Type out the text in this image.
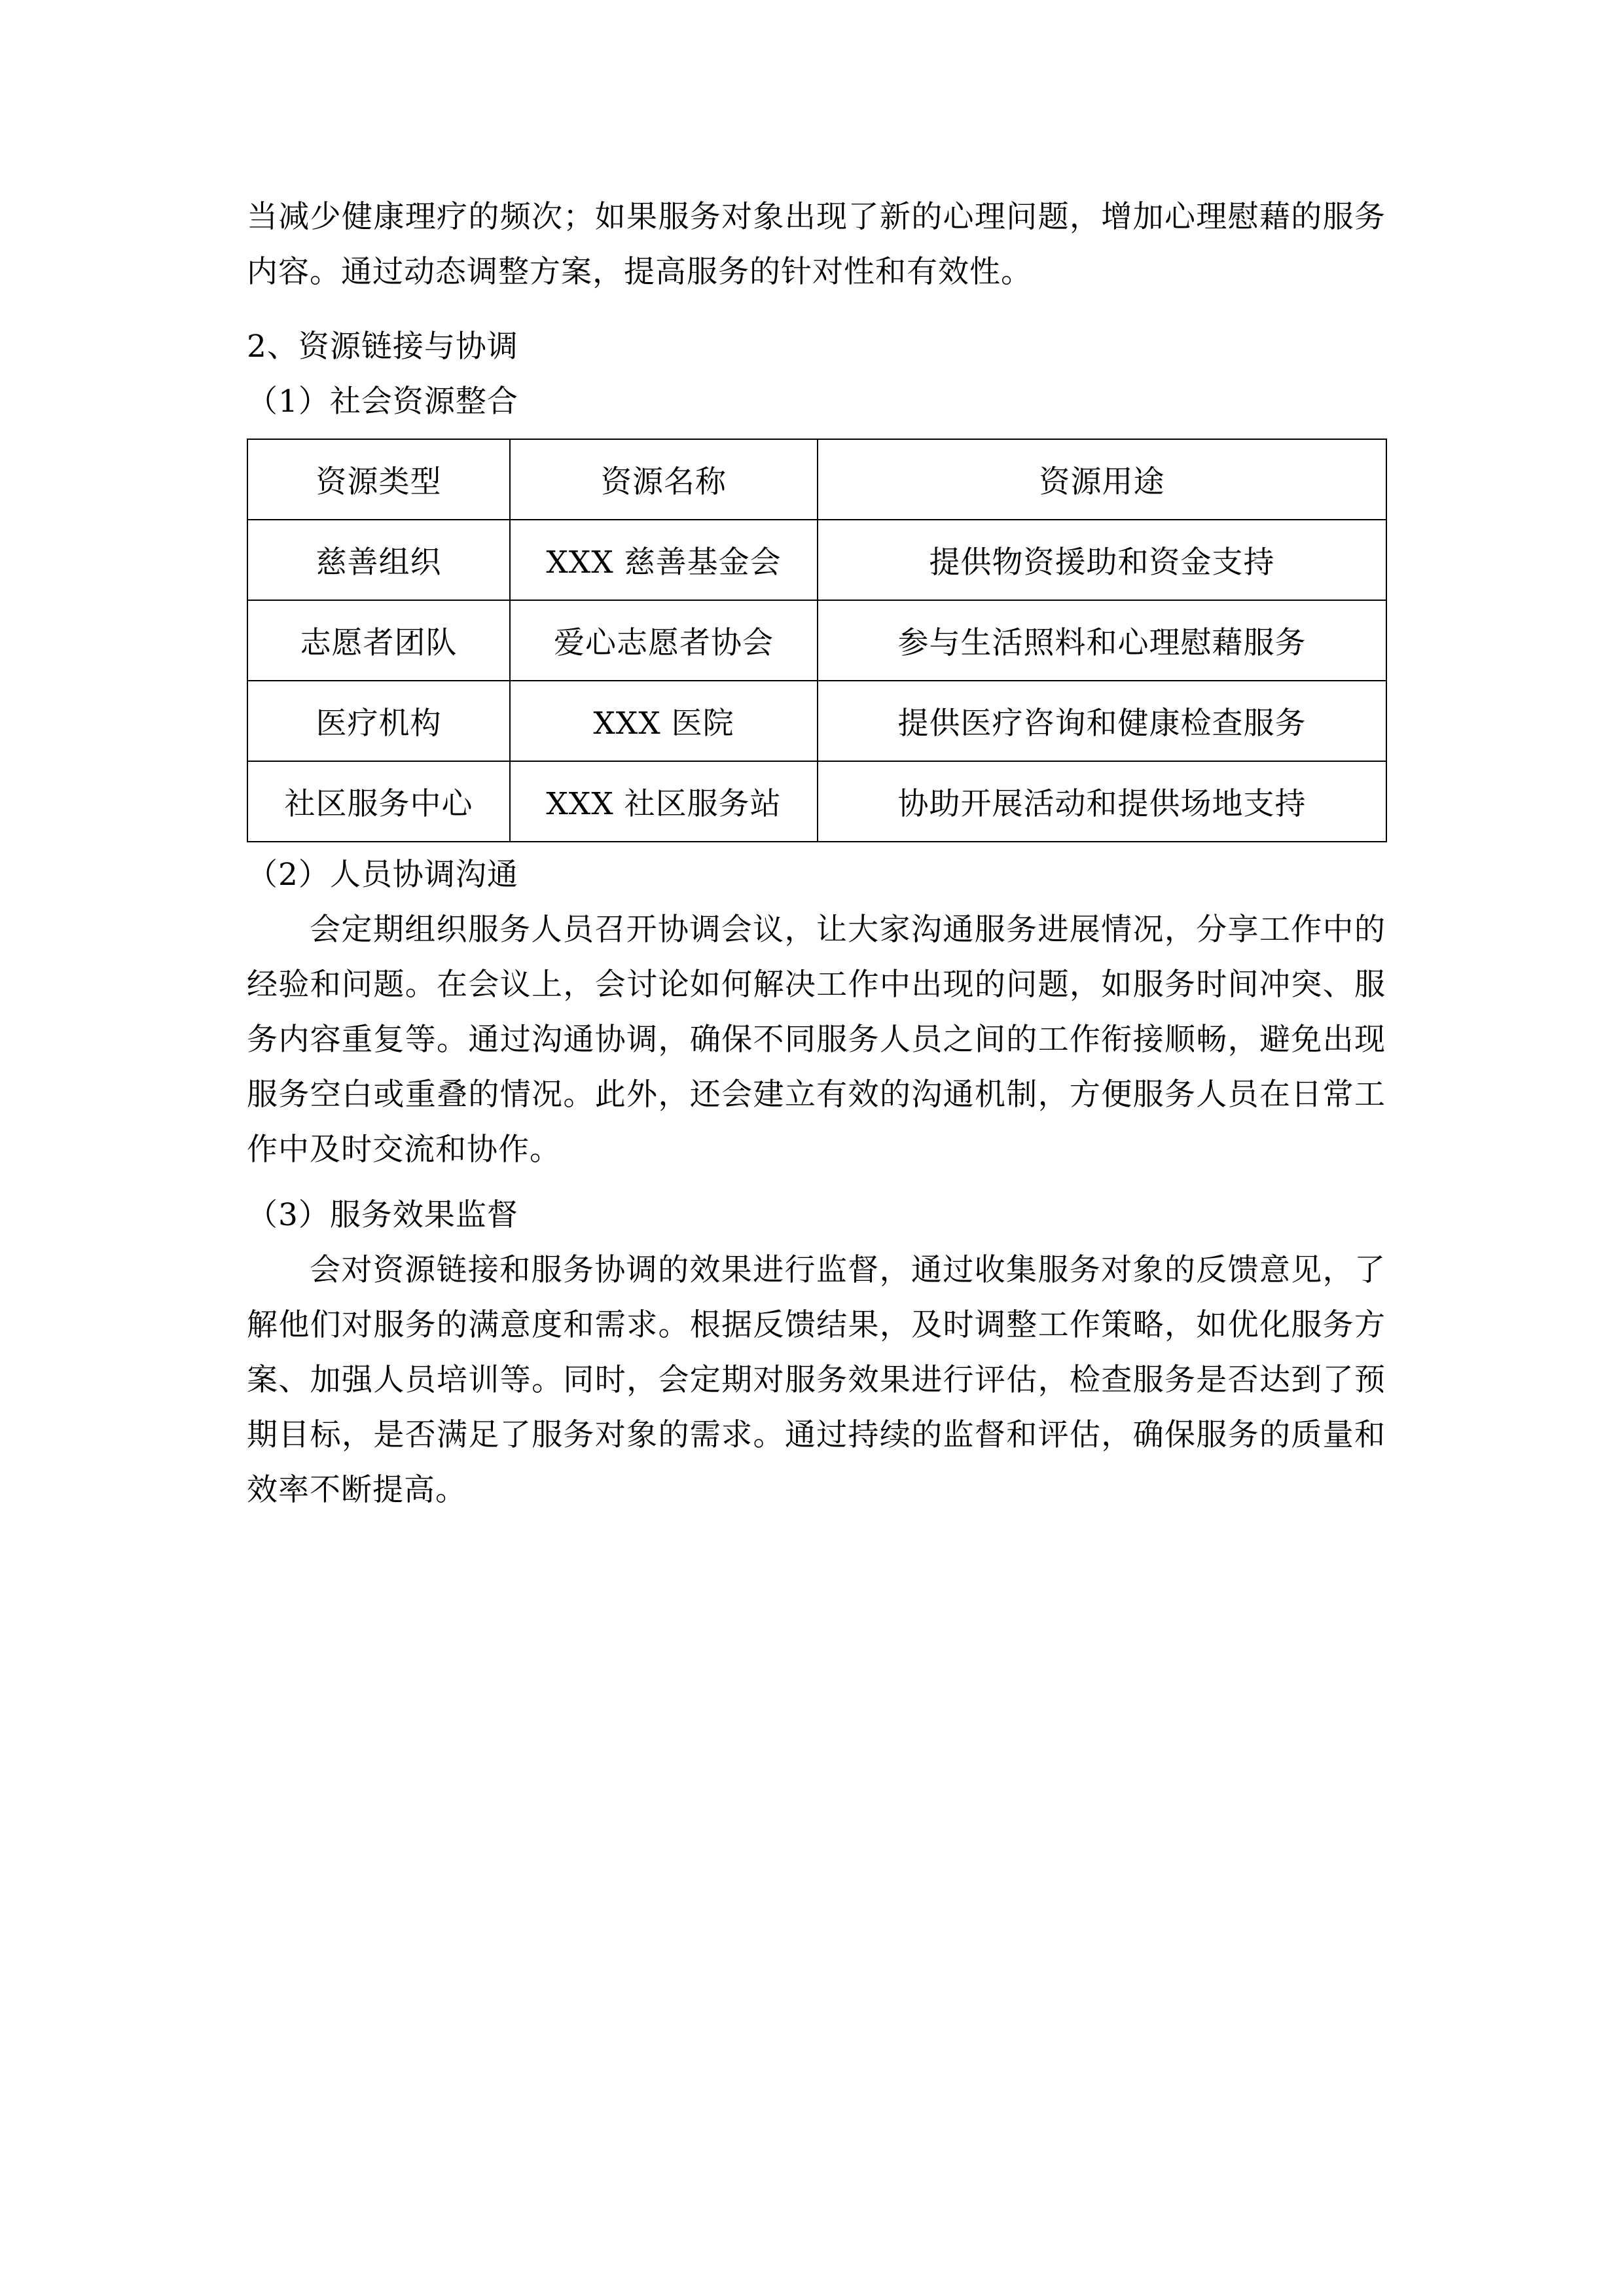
当减少健康理疗的频次；如果服务对象出现了新的心理问题，增加心理慰藉的服务内容。通过动态调整方案，提高服务的针对性和有效性。

2、资源链接与协调

（1）社会资源整合

资源类型	资源名称	资源用途
慈善组织	XXX 慈善基金会	提供物资援助和资金支持
志愿者团队	爱心志愿者协会	参与生活照料和心理慰藉服务
医疗机构	XXX 医院	提供医疗咨询和健康检查服务
社区服务中心	XXX 社区服务站	协助开展活动和提供场地支持

（2）人员协调沟通

会定期组织服务人员召开协调会议，让大家沟通服务进展情况，分享工作中的经验和问题。在会议上，会讨论如何解决工作中出现的问题，如服务时间冲突、服务内容重复等。通过沟通协调，确保不同服务人员之间的工作衔接顺畅，避免出现服务空白或重叠的情况。此外，还会建立有效的沟通机制，方便服务人员在日常工作中及时交流和协作。

（3）服务效果监督

会对资源链接和服务协调的效果进行监督，通过收集服务对象的反馈意见，了解他们对服务的满意度和需求。根据反馈结果，及时调整工作策略，如优化服务方案、加强人员培训等。同时，会定期对服务效果进行评估，检查服务是否达到了预期目标，是否满足了服务对象的需求。通过持续的监督和评估，确保服务的质量和效率不断提高。
